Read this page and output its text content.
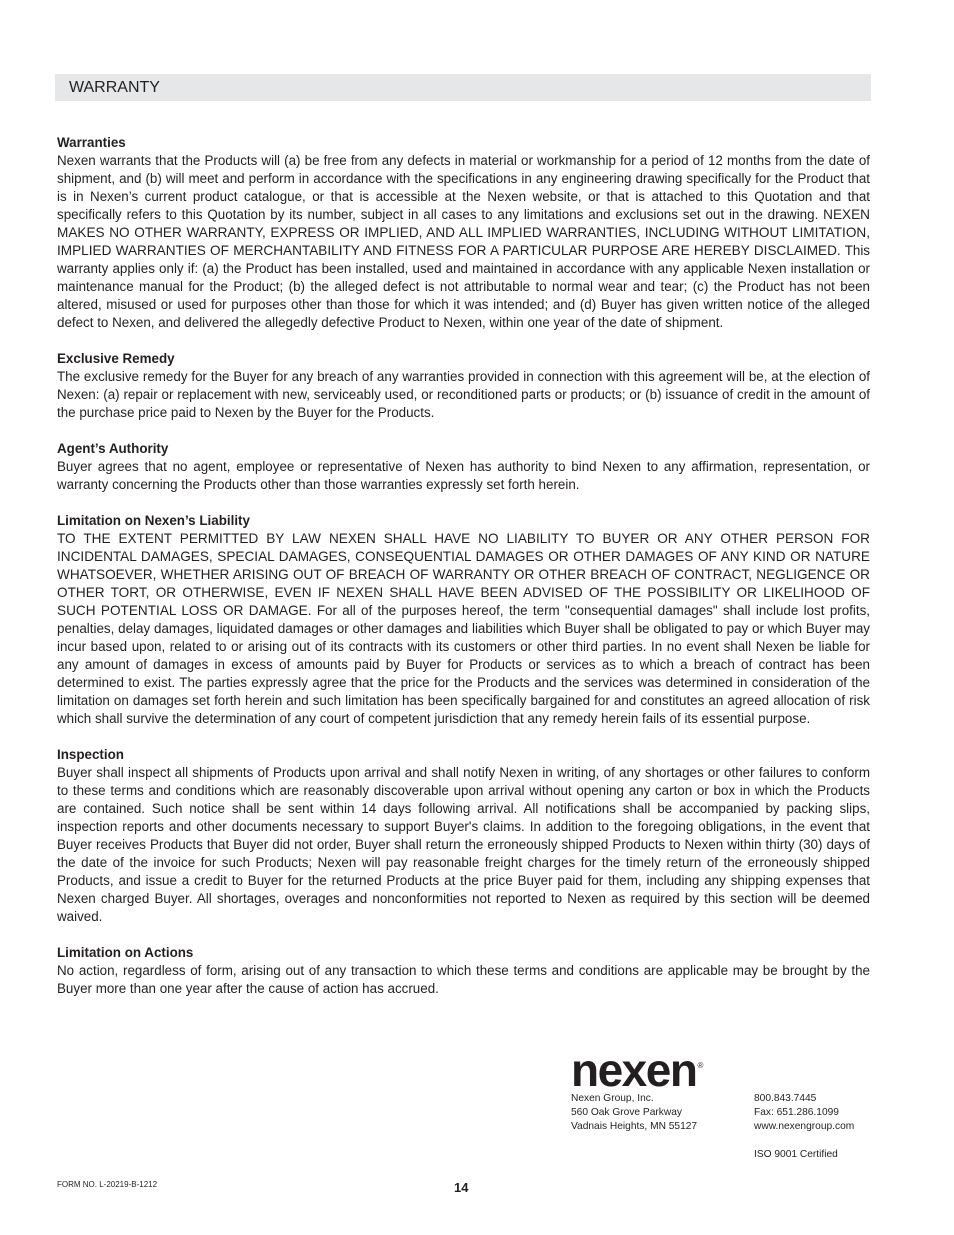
WARRANTY

Warranties

Nexen warrants that the Products will (a) be free from any defects in material or workmanship for a period of 12 months from the date of shipment, and (b) will meet and perform in accordance with the specifications in any engineering drawing specifically for the Product that is in Nexen’s current product catalogue, or that is accessible at the Nexen website, or that is attached to this Quotation and that specifically refers to this Quotation by its number, subject in all cases to any limitations and exclusions set out in the drawing. NEXEN MAKES NO OTHER WARRANTY, EXPRESS OR IMPLIED, AND ALL IMPLIED WARRANTIES, INCLUDING WITHOUT LIMITATION, IMPLIED WARRANTIES OF MERCHANTABILITY AND FITNESS FOR A PARTICULAR PURPOSE ARE HEREBY DISCLAIMED. This warranty applies only if: (a) the Product has been installed, used and maintained in accordance with any applicable Nexen installation or maintenance manual for the Product; (b) the alleged defect is not attributable to normal wear and tear; (c) the Product has not been altered, misused or used for purposes other than those for which it was intended; and (d) Buyer has given written notice of the alleged defect to Nexen, and delivered the allegedly defective Product to Nexen, within one year of the date of shipment.

Exclusive Remedy

The exclusive remedy for the Buyer for any breach of any warranties provided in connection with this agreement will be, at the election of Nexen: (a) repair or replacement with new, serviceably used, or reconditioned parts or products; or (b) issuance of credit in the amount of the purchase price paid to Nexen by the Buyer for the Products.

Agent’s Authority

Buyer agrees that no agent, employee or representative of Nexen has authority to bind Nexen to any affirmation, representation, or warranty concerning the Products other than those warranties expressly set forth herein.

Limitation on Nexen’s Liability

TO THE EXTENT PERMITTED BY LAW NEXEN SHALL HAVE NO LIABILITY TO BUYER OR ANY OTHER PERSON FOR INCIDENTAL DAMAGES, SPECIAL DAMAGES, CONSEQUENTIAL DAMAGES OR OTHER DAMAGES OF ANY KIND OR NATURE WHATSOEVER, WHETHER ARISING OUT OF BREACH OF WARRANTY OR OTHER BREACH OF CONTRACT, NEGLIGENCE OR OTHER TORT, OR OTHERWISE, EVEN IF NEXEN SHALL HAVE BEEN ADVISED OF THE POSSIBILITY OR LIKELIHOOD OF SUCH POTENTIAL LOSS OR DAMAGE. For all of the purposes hereof, the term "consequential damages" shall include lost profits, penalties, delay damages, liquidated damages or other damages and liabilities which Buyer shall be obligated to pay or which Buyer may incur based upon, related to or arising out of its contracts with its customers or other third parties. In no event shall Nexen be liable for any amount of damages in excess of amounts paid by Buyer for Products or services as to which a breach of contract has been determined to exist. The parties expressly agree that the price for the Products and the services was determined in consideration of the limitation on damages set forth herein and such limitation has been specifically bargained for and constitutes an agreed allocation of risk which shall survive the determination of any court of competent jurisdiction that any remedy herein fails of its essential purpose.

Inspection

Buyer shall inspect all shipments of Products upon arrival and shall notify Nexen in writing, of any shortages or other failures to conform to these terms and conditions which are reasonably discoverable upon arrival without opening any carton or box in which the Products are contained. Such notice shall be sent within 14 days following arrival. All notifications shall be accompanied by packing slips, inspection reports and other documents necessary to support Buyer's claims. In addition to the foregoing obligations, in the event that Buyer receives Products that Buyer did not order, Buyer shall return the erroneously shipped Products to Nexen within thirty (30) days of the date of the invoice for such Products; Nexen will pay reasonable freight charges for the timely return of the erroneously shipped Products, and issue a credit to Buyer for the returned Products at the price Buyer paid for them, including any shipping expenses that Nexen charged Buyer. All shortages, overages and nonconformities not reported to Nexen as required by this section will be deemed waived.

Limitation on Actions

No action, regardless of form, arising out of any transaction to which these terms and conditions are applicable may be brought by the Buyer more than one year after the cause of action has accrued.

nexen ®
Nexen Group, Inc.
560 Oak Grove Parkway
Vadnais Heights, MN 55127
800.843.7445
Fax: 651.286.1099
www.nexengroup.com
ISO 9001 Certified
FORM NO. L-20219-B-1212	14
